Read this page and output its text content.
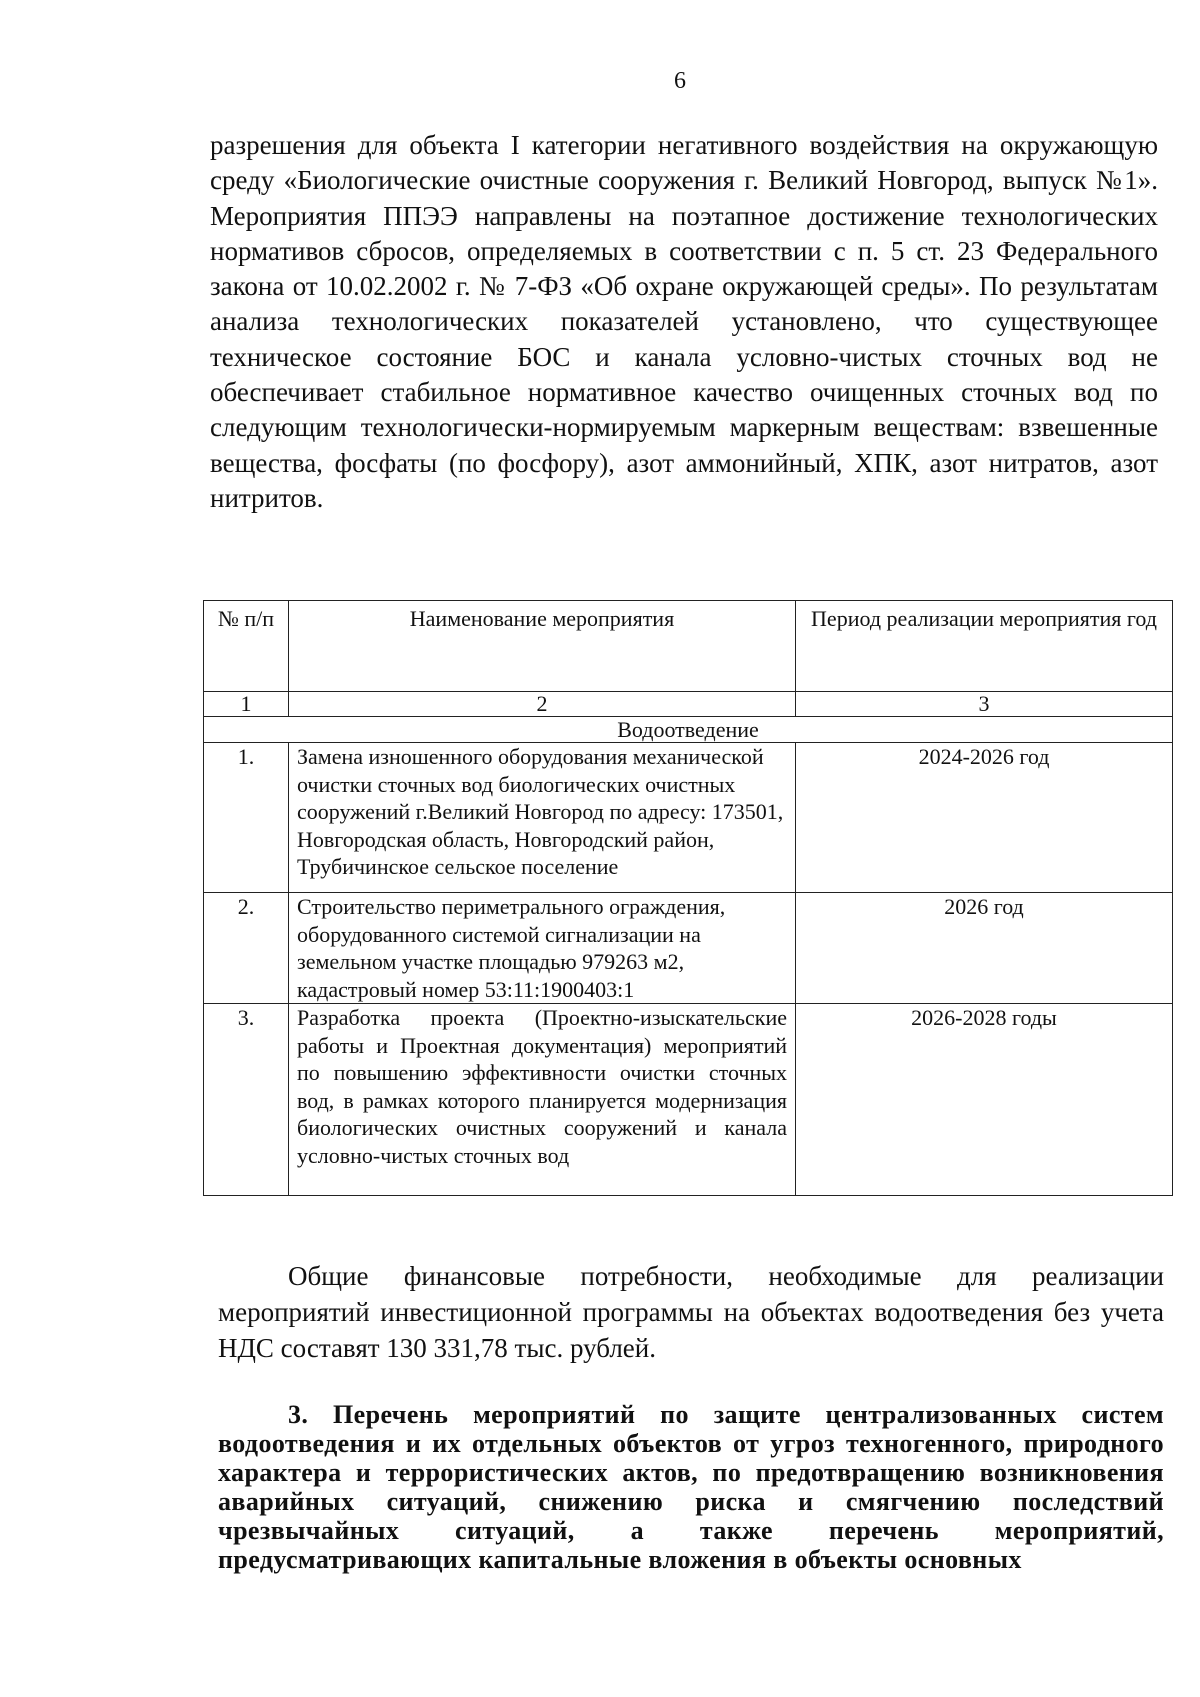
6

разрешения для объекта I категории негативного воздействия на окружающую среду «Биологические очистные сооружения г. Великий Новгород, выпуск №1». Мероприятия ППЭЭ направлены на поэтапное достижение технологических нормативов сбросов, определяемых в соответствии с п. 5 ст. 23 Федерального закона от 10.02.2002 г. № 7-ФЗ «Об охране окружающей среды». По результатам анализа технологических показателей установлено, что существующее техническое состояние БОС и канала условно-чистых сточных вод не обеспечивает стабильное нормативное качество очищенных сточных вод по следующим технологически-нормируемым маркерным веществам: взвешенные вещества, фосфаты (по фосфору), азот аммонийный, ХПК, азот нитратов, азот нитритов.

№ п/п	Наименование мероприятия	Период реализации мероприятия год
1	2	3
Водоотведение		
1.	Замена изношенного оборудования механической очистки сточных вод биологических очистных сооружений г.Великий Новгород по адресу: 173501, Новгородская область, Новгородский район, Трубичинское сельское поселение	2024-2026 год
2.	Строительство периметрального ограждения, оборудованного системой сигнализации на земельном участке площадью 979263 м2, кадастровый номер 53:11:1900403:1	2026 год
3.	Разработка проекта (Проектно-изыскательские работы и Проектная документация) мероприятий по повышению эффективности очистки сточных вод, в рамках которого планируется модернизация биологических очистных сооружений и канала условно-чистых сточных вод	2026-2028 годы

Общие финансовые потребности, необходимые для реализации мероприятий инвестиционной программы на объектах водоотведения без учета НДС составят 130 331,78 тыс. рублей.

3. Перечень мероприятий по защите централизованных систем водоотведения и их отдельных объектов от угроз техногенного, природного характера и террористических актов, по предотвращению возникновения аварийных ситуаций, снижению риска и смягчению последствий чрезвычайных ситуаций, а также перечень мероприятий, предусматривающих капитальные вложения в объекты основных
